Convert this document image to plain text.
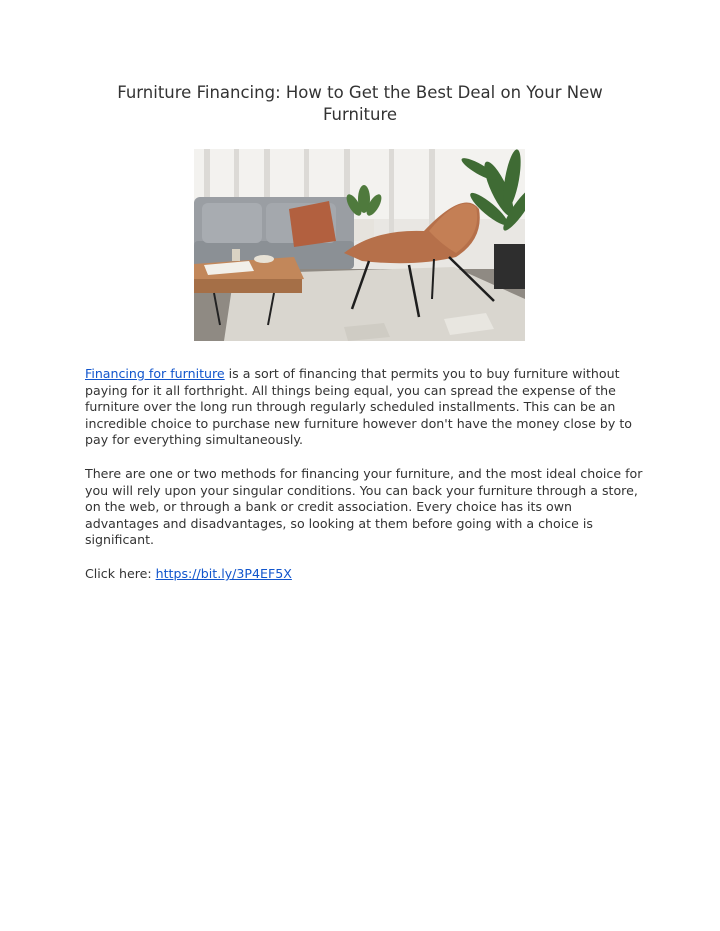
Furniture Financing: How to Get the Best Deal on Your New Furniture

Financing for furniture is a sort of financing that permits you to buy furniture without paying for it all forthright. All things being equal, you can spread the expense of the furniture over the long run through regularly scheduled installments. This can be an incredible choice to purchase new furniture however don't have the money close by to pay for everything simultaneously.

There are one or two methods for financing your furniture, and the most ideal choice for you will rely upon your singular conditions. You can back your furniture through a store, on the web, or through a bank or credit association. Every choice has its own advantages and disadvantages, so looking at them before going with a choice is significant.

Click here: https://bit.ly/3P4EF5X
